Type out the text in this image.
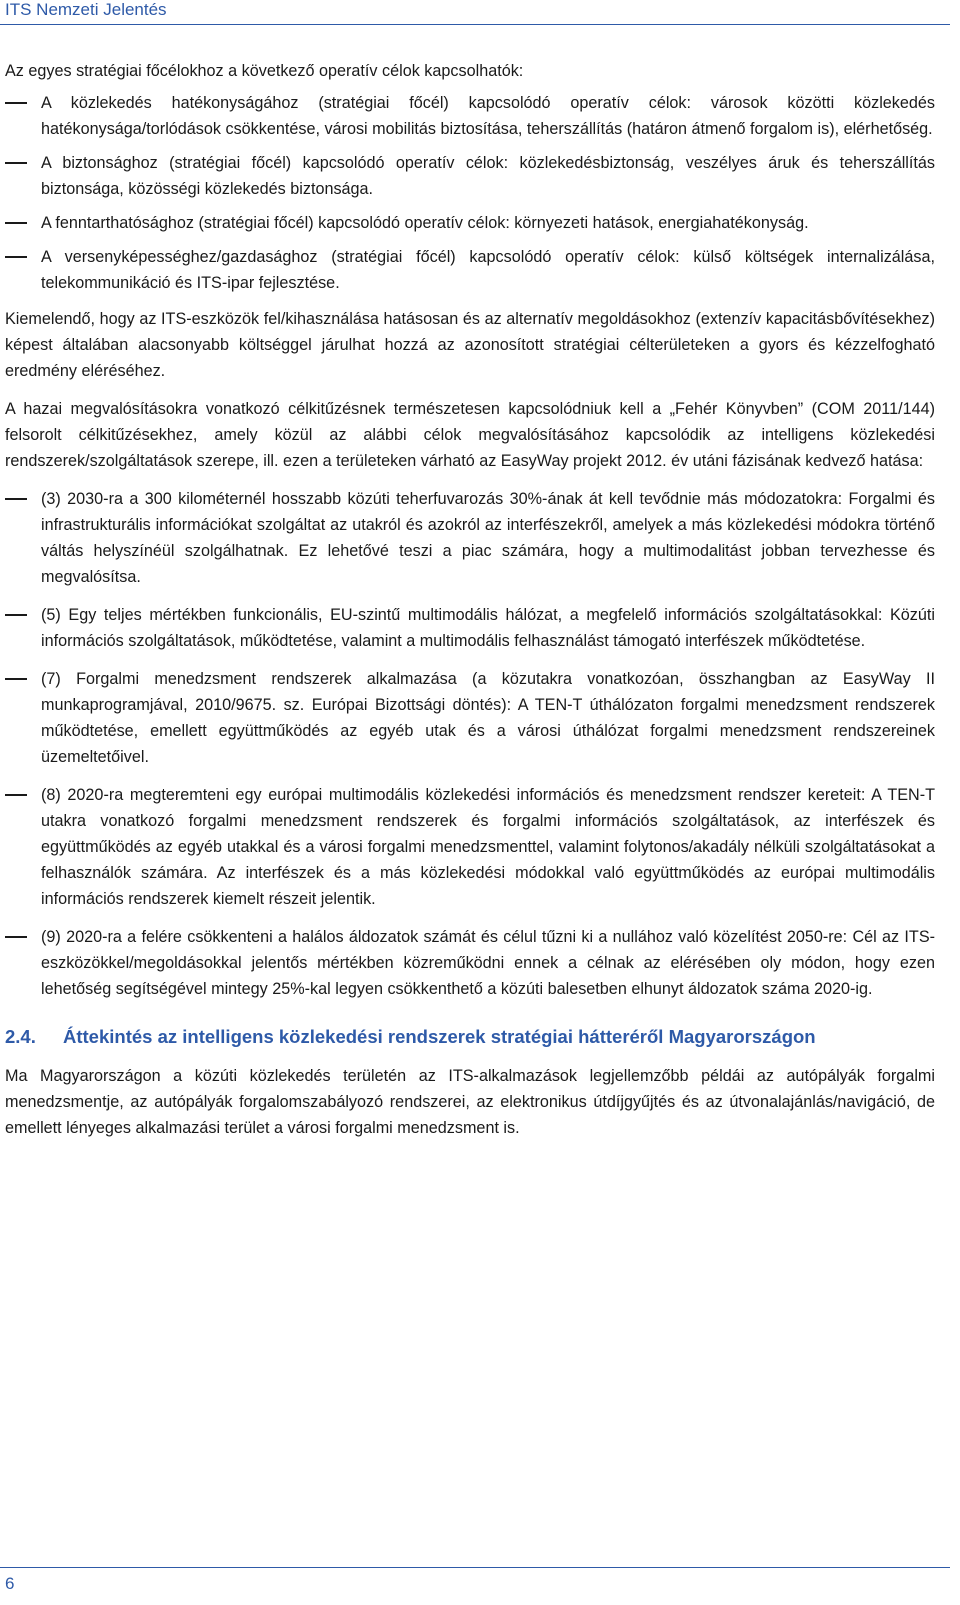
ITS Nemzeti Jelentés

Az egyes stratégiai főcélokhoz a következő operatív célok kapcsolhatók:

A közlekedés hatékonyságához (stratégiai főcél) kapcsolódó operatív célok: városok közötti közlekedés hatékonysága/torlódások csökkentése, városi mobilitás biztosítása, teherszállítás (határon átmenő forgalom is), elérhetőség.
A biztonsághoz (stratégiai főcél) kapcsolódó operatív célok: közlekedésbiztonság, veszélyes áruk és teherszállítás biztonsága, közösségi közlekedés biztonsága.
A fenntarthatósághoz (stratégiai főcél) kapcsolódó operatív célok: környezeti hatások, energiahatékonyság.
A versenyképességhez/gazdasághoz (stratégiai főcél) kapcsolódó operatív célok: külső költségek internalizálása, telekommunikáció és ITS-ipar fejlesztése.

Kiemelendő, hogy az ITS-eszközök fel/kihasználása hatásosan és az alternatív megoldásokhoz (extenzív kapacitásbővítésekhez) képest általában alacsonyabb költséggel járulhat hozzá az azonosított stratégiai célterületeken a gyors és kézzelfogható eredmény eléréséhez.

A hazai megvalósításokra vonatkozó célkitűzésnek természetesen kapcsolódniuk kell a „Fehér Könyvben” (COM 2011/144) felsorolt célkitűzésekhez, amely közül az alábbi célok megvalósításához kapcsolódik az intelligens közlekedési rendszerek/szolgáltatások szerepe, ill. ezen a területeken várható az EasyWay projekt 2012. év utáni fázisának kedvező hatása:

(3) 2030-ra a 300 kilométernél hosszabb közúti teherfuvarozás 30%-ának át kell tevődnie más módozatokra: Forgalmi és infrastrukturális információkat szolgáltat az utakról és azokról az interfészekről, amelyek a más közlekedési módokra történő váltás helyszínéül szolgálhatnak. Ez lehetővé teszi a piac számára, hogy a multimodalitást jobban tervezhesse és megvalósítsa.
(5) Egy teljes mértékben funkcionális, EU-szintű multimodális hálózat, a megfelelő információs szolgáltatásokkal: Közúti információs szolgáltatások, működtetése, valamint a multimodális felhasználást támogató interfészek működtetése.
(7) Forgalmi menedzsment rendszerek alkalmazása (a közutakra vonatkozóan, összhangban az EasyWay II munkaprogramjával, 2010/9675. sz. Európai Bizottsági döntés): A TEN-T úthálózaton forgalmi menedzsment rendszerek működtetése, emellett együttműködés az egyéb utak és a városi úthálózat forgalmi menedzsment rendszereinek üzemeltetőivel.
(8) 2020-ra megteremteni egy európai multimodális közlekedési információs és menedzsment rendszer kereteit: A TEN-T utakra vonatkozó forgalmi menedzsment rendszerek és forgalmi információs szolgáltatások, az interfészek és együttműködés az egyéb utakkal és a városi forgalmi menedzsmenttel, valamint folytonos/akadály nélküli szolgáltatásokat a felhasználók számára. Az interfészek és a más közlekedési módokkal való együttműködés az európai multimodális információs rendszerek kiemelt részeit jelentik.
(9) 2020-ra a felére csökkenteni a halálos áldozatok számát és célul tűzni ki a nullához való közelítést 2050-re: Cél az ITS-eszközökkel/megoldásokkal jelentős mértékben közreműködni ennek a célnak az elérésében oly módon, hogy ezen lehetőség segítségével mintegy 25%-kal legyen csökkenthető a közúti balesetben elhunyt áldozatok száma 2020-ig.
2.4. Áttekintés az intelligens közlekedési rendszerek stratégiai hátteréről Magyarországon

Ma Magyarországon a közúti közlekedés területén az ITS-alkalmazások legjellemzőbb példái az autópályák forgalmi menedzsmentje, az autópályák forgalomszabályozó rendszerei, az elektronikus útdíjgyűjtés és az útvonalajánlás/navigáció, de emellett lényeges alkalmazási terület a városi forgalmi menedzsment is.

6
